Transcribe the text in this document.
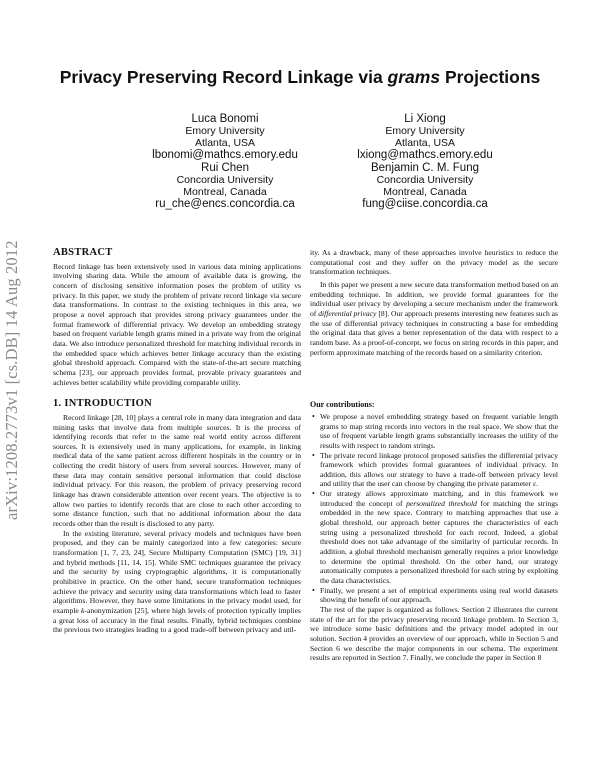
arXiv:1208.2773v1 [cs.DB] 14 Aug 2012
Privacy Preserving Record Linkage via grams Projections
Luca Bonomi
Emory University
Atlanta, USA
lbonomi@mathcs.emory.edu
Li Xiong
Emory University
Atlanta, USA
lxiong@mathcs.emory.edu
Rui Chen
Concordia University
Montreal, Canada
ru_che@encs.concordia.ca
Benjamin C. M. Fung
Concordia University
Montreal, Canada
fung@ciise.concordia.ca
ABSTRACT

Record linkage has been extensively used in various data mining applications involving sharing data. While the amount of available data is growing, the concern of disclosing sensitive information poses the problem of utility vs privacy. In this paper, we study the problem of private record linkage via secure data transformations. In contrast to the existing techniques in this area, we propose a novel approach that provides strong privacy guarantees under the formal framework of differential privacy. We develop an embedding strategy based on frequent variable length grams mined in a private way from the original data. We also introduce personalized threshold for matching individual records in the embedded space which achieves better linkage accuracy than the existing global threshold approach. Compared with the state-of-the-art secure matching schema [23], our approach provides formal, provable privacy guarantees and achieves better scalability while providing comparable utility.

1. INTRODUCTION

Record linkage [28, 10] plays a central role in many data integration and data mining tasks that involve data from multiple sources. It is the process of identifying records that refer to the same real world entity across different sources. It is extensively used in many applications, for example, in linking medical data of the same patient across different hospitals in the country or in collecting the credit history of users from several sources. However, many of these data may contain sensitive personal information that could disclose individual privacy. For this reason, the problem of privacy preserving record linkage has drawn considerable attention over recent years. The objective is to allow two parties to identify records that are close to each other according to some distance function, such that no additional information about the data records other than the result is disclosed to any party.

In the existing literature, several privacy models and techniques have been proposed, and they can be mainly categorized into a few categories: secure transformation [1, 7, 23, 24], Secure Multiparty Computation (SMC) [19, 31] and hybrid methods [11, 14, 15]. While SMC techniques guarantee the privacy and the security by using cryptographic algorithms, it is computationally prohibitive in practice. On the other hand, secure transformation techniques achieve the privacy and security using data transformations which lead to faster algorithms. However, they have some limitations in the privacy model used, for example k-anonymization [25], where high levels of protection typically implies a great loss of accuracy in the final results. Finally, hybrid techniques combine the previous two strategies leading to a good trade-off between privacy and util-

ity. As a drawback, many of these approaches involve heuristics to reduce the computational cost and they suffer on the privacy model as the secure transformation techniques.

In this paper we present a new secure data transformation method based on an embedding technique. In addition, we provide formal guarantees for the individual user privacy by developing a secure mechanism under the framework of differential privacy [8]. Our approach presents interesting new features such as the use of differential privacy techniques in constructing a base for embedding the original data that gives a better representation of the data with respect to a random base. As a proof-of-concept, we focus on string records in this paper, and perform approximate matching of the records based on a similarity criterion.

Our contributions:
• We propose a novel embedding strategy based on frequent variable length grams to map string records into vectors in the real space. We show that the use of frequent variable length grams substantially increases the utility of the results with respect to random strings.
• The private record linkage protocol proposed satisfies the differential privacy framework which provides formal guarantees of individual privacy. In addition, this allows our strategy to have a trade-off between privacy level and utility that the user can choose by changing the private parameter ε.
• Our strategy allows approximate matching, and in this framework we introduced the concept of personalized threshold for matching the strings embedded in the new space. Contrary to matching approaches that use a global threshold, our approach better captures the characteristics of each string using a personalized threshold for each record. Indeed, a global threshold does not take advantage of the similarity of particular records. In addition, a global threshold mechanism generally requires a prior knowledge to determine the optimal threshold. On the other hand, our strategy automatically computes a personalized threshold for each string by exploiting the data characteristics.
• Finally, we present a set of empirical experiments using real world datasets showing the benefit of our approach.

The rest of the paper is organized as follows. Section 2 illustrates the current state of the art for the privacy preserving record linkage problem. In Section 3, we introduce some basic definitions and the privacy model adopted in our solution. Section 4 provides an overview of our approach, while in Section 5 and Section 6 we describe the major components in our schema. The experiment results are reported in Section 7. Finally, we conclude the paper in Section 8
